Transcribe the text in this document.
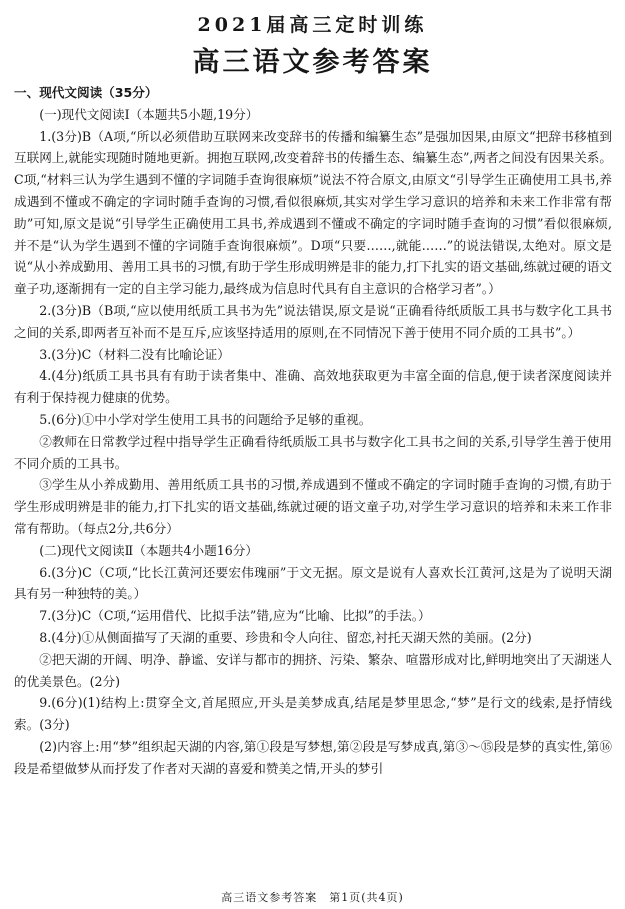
2021届高三定时训练
高三语文参考答案

一、现代文阅读（35分）

(一)现代文阅读Ⅰ（本题共5小题,19分）

1.(3分)B（A项,“所以必须借助互联网来改变辞书的传播和编纂生态”是强加因果,由原文“把辞书移植到互联网上,就能实现随时随地更新。拥抱互联网,改变着辞书的传播生态、编纂生态”,两者之间没有因果关系。C项,“材料三认为学生遇到不懂的字词随手查询很麻烦”说法不符合原文,由原文“引导学生正确使用工具书,养成遇到不懂或不确定的字词时随手查询的习惯,看似很麻烦,其实对学生学习意识的培养和未来工作非常有帮助”可知,原文是说“引导学生正确使用工具书,养成遇到不懂或不确定的字词时随手查询的习惯”看似很麻烦,并不是“认为学生遇到不懂的字词随手查询很麻烦”。D项“只要……,就能……”的说法错误,太绝对。原文是说“从小养成勤用、善用工具书的习惯,有助于学生形成明辨是非的能力,打下扎实的语文基础,练就过硬的语文童子功,逐渐拥有一定的自主学习能力,最终成为信息时代具有自主意识的合格学习者”。）

2.(3分)B（B项,“应以使用纸质工具书为先”说法错误,原文是说“正确看待纸质版工具书与数字化工具书之间的关系,即两者互补而不是互斥,应该坚持适用的原则,在不同情况下善于使用不同介质的工具书”。）

3.(3分)C（材料二没有比喻论证）

4.(4分)纸质工具书具有有助于读者集中、准确、高效地获取更为丰富全面的信息,便于读者深度阅读并有利于保持视力健康的优势。

5.(6分)①中小学对学生使用工具书的问题给予足够的重视。

②教师在日常教学过程中指导学生正确看待纸质版工具书与数字化工具书之间的关系,引导学生善于使用不同介质的工具书。

③学生从小养成勤用、善用纸质工具书的习惯,养成遇到不懂或不确定的字词时随手查询的习惯,有助于学生形成明辨是非的能力,打下扎实的语文基础,练就过硬的语文童子功,对学生学习意识的培养和未来工作非常有帮助。（每点2分,共6分）

(二)现代文阅读Ⅱ（本题共4小题16分）

6.(3分)C（C项,“比长江黄河还要宏伟瑰丽”于文无据。原文是说有人喜欢长江黄河,这是为了说明天湖具有另一种独特的美。）

7.(3分)C（C项,“运用借代、比拟手法”错,应为“比喻、比拟”的手法。）

8.(4分)①从侧面描写了天湖的重要、珍贵和令人向往、留恋,衬托天湖天然的美丽。(2分)

②把天湖的开阔、明净、静谧、安详与都市的拥挤、污染、繁杂、喧嚣形成对比,鲜明地突出了天湖迷人的优美景色。(2分)

9.(6分)(1)结构上:贯穿全文,首尾照应,开头是美梦成真,结尾是梦里思念,“梦”是行文的线索,是抒情线索。(3分)

(2)内容上:用“梦”组织起天湖的内容,第①段是写梦想,第②段是写梦成真,第③～⑮段是梦的真实性,第⑯段是希望做梦从而抒发了作者对天湖的喜爱和赞美之情,开头的梦引

高三语文参考答案　第1页(共4页)
